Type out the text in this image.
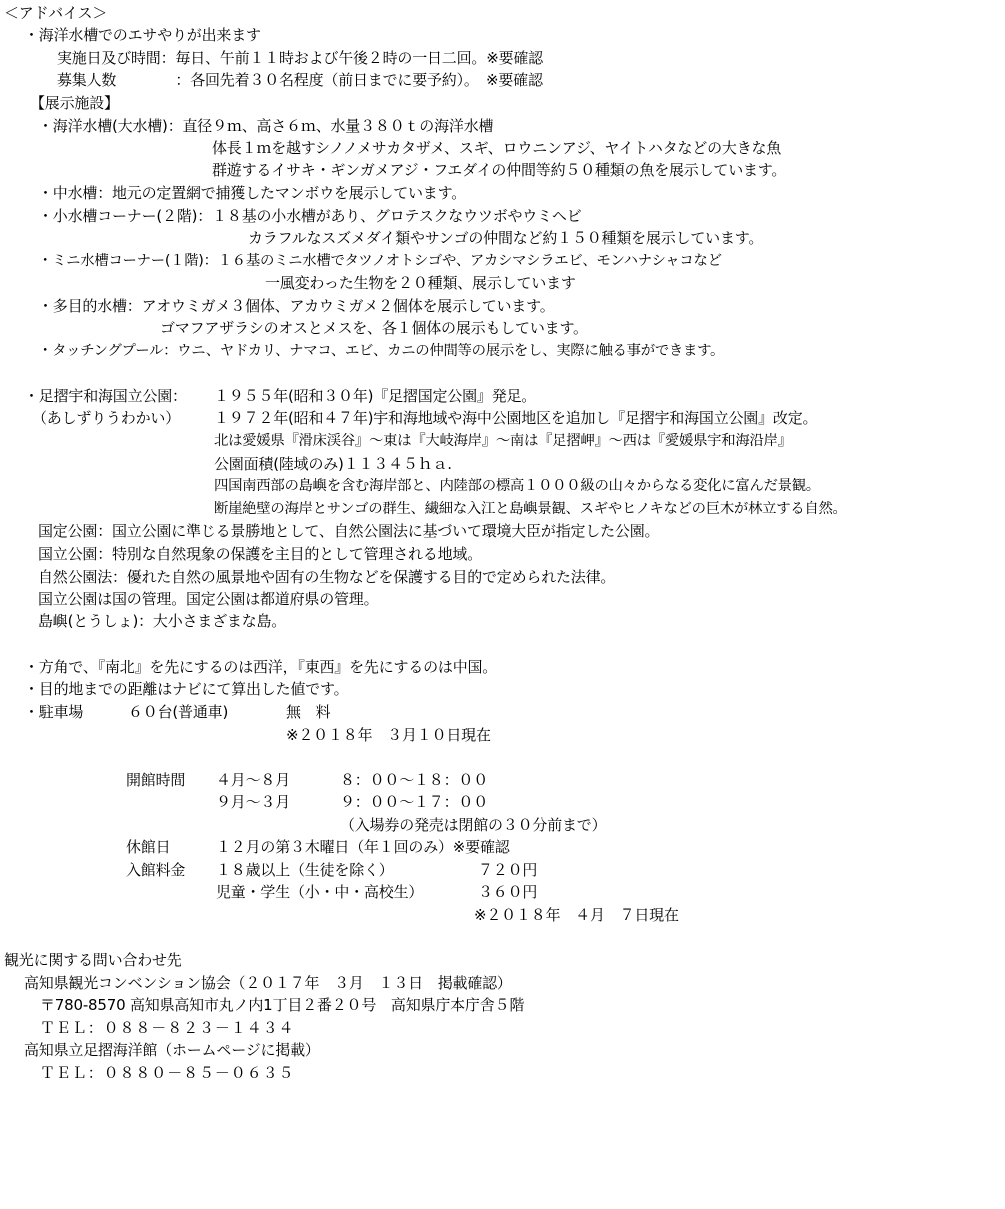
＜アドバイス＞
・海洋水槽でのエサやりが出来ます
実施日及び時間：毎日、午前１１時および午後２時の一日二回。※要確認
募集人数　　　　：各回先着３０名程度（前日までに要予約）。　※要確認
【展示施設】
・海洋水槽(大水槽)：直径９ｍ、高さ６ｍ、水量３８０ｔの海洋水槽
体長１ｍを越すシノノメサカタザメ、スギ、ロウニンアジ、ヤイトハタなどの大きな魚
群遊するイサキ・ギンガメアジ・フエダイの仲間等約５０種類の魚を展示しています。
・中水槽：地元の定置網で捕獲したマンボウを展示しています。
・小水槽コーナー(２階)：１８基の小水槽があり、グロテスクなウツボやウミヘビ
カラフルなスズメダイ類やサンゴの仲間など約１５０種類を展示しています。
・ミニ水槽コーナー(１階)：１６基のミニ水槽でタツノオトシゴや、アカシマシラエビ、モンハナシャコなど
一風変わった生物を２０種類、展示しています
・多目的水槽：アオウミガメ３個体、アカウミガメ２個体を展示しています。
ゴマフアザラシのオスとメスを、各１個体の展示もしています。
・タッチングプール：ウニ、ヤドカリ、ナマコ、エビ、カニの仲間等の展示をし、実際に触る事ができます。
・足摺宇和海国立公園： １９５５年(昭和３０年)『足摺国定公園』発足。
（あしずりうわかい） １９７２年(昭和４７年)宇和海地域や海中公園地区を追加し『足摺宇和海国立公園』改定。
北は愛媛県『滑床渓谷』～東は『大岐海岸』～南は『足摺岬』～西は『愛媛県宇和海沿岸』
公園面積(陸域のみ)１１３４５ｈａ.
四国南西部の島嶼を含む海岸部と、内陸部の標高１０００級の山々からなる変化に富んだ景観。
断崖絶壁の海岸とサンゴの群生、繊細な入江と島嶼景観、スギやヒノキなどの巨木が林立する自然。
国定公園：国立公園に準じる景勝地として、自然公園法に基づいて環境大臣が指定した公園。
国立公園：特別な自然現象の保護を主目的として管理される地域。
自然公園法：優れた自然の風景地や固有の生物などを保護する目的で定められた法律。
国立公園は国の管理。国定公園は都道府県の管理。
島嶼(とうしょ)：大小さまざまな島。
・方角で、『南北』を先にするのは西洋，『東西』を先にするのは中国。
・目的地までの距離はナビにて算出した値です。
・駐車場	６０台(普通車)	無　料
※２０１８年　３月１０日現在
開館時間 ４月～８月	８：００～１８：００
９月～３月	９：００～１７：００
（入場券の発売は閉館の３０分前まで）
休館日	１２月の第３木曜日（年１回のみ）※要確認
入館料金 １８歳以上（生徒を除く）	７２０円
児童・学生（小・中・高校生）	３６０円
※２０１８年　４月　７日現在
観光に関する問い合わせ先
高知県観光コンベンション協会（２０１７年　３月　１３日　掲載確認）
〒780-8570 高知県高知市丸ノ内1丁目２番２０号　高知県庁本庁舎５階
ＴＥＬ：０８８－８２３－１４３４
高知県立足摺海洋館（ホームページに掲載）
ＴＥＬ：０８８０－８５－０６３５
